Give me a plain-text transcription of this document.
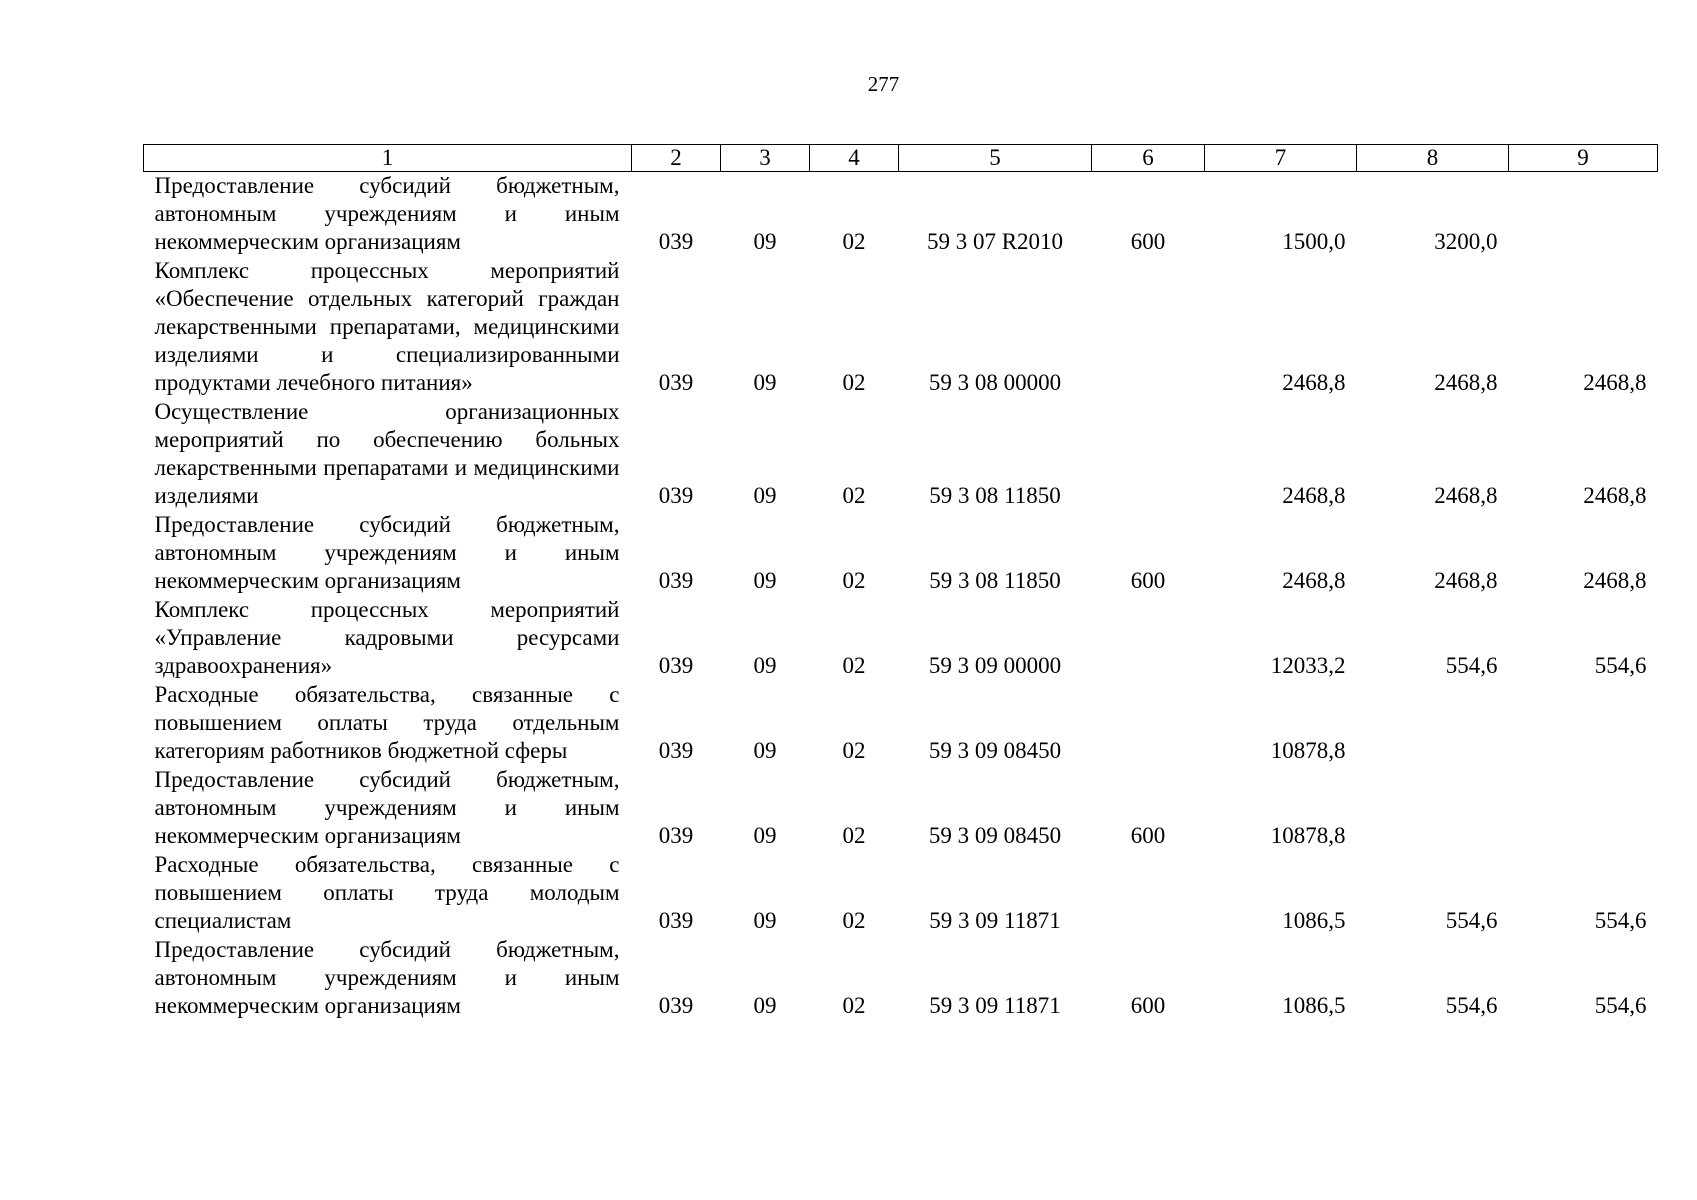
277
1	2	3	4	5	6	7	8	9
Предоставление субсидий бюджетным, автономным учреждениям и иным некоммерческим организациям	039	09	02	59 3 07 R2010	600	1500,0	3200,0	
Комплекс процессных мероприятий «Обеспечение отдельных категорий граждан лекарственными препаратами, медицинскими изделиями и специализированными продуктами лечебного питания»	039	09	02	59 3 08 00000		2468,8	2468,8	2468,8
Осуществление организационных мероприятий по обеспечению больных лекарственными препаратами и медицинскими изделиями	039	09	02	59 3 08 11850		2468,8	2468,8	2468,8
Предоставление субсидий бюджетным, автономным учреждениям и иным некоммерческим организациям	039	09	02	59 3 08 11850	600	2468,8	2468,8	2468,8
Комплекс процессных мероприятий «Управление кадровыми ресурсами здравоохранения»	039	09	02	59 3 09 00000		12033,2	554,6	554,6
Расходные обязательства, связанные с повышением оплаты труда отдельным категориям работников бюджетной сферы	039	09	02	59 3 09 08450		10878,8		
Предоставление субсидий бюджетным, автономным учреждениям и иным некоммерческим организациям	039	09	02	59 3 09 08450	600	10878,8		
Расходные обязательства, связанные с повышением оплаты труда молодым специалистам	039	09	02	59 3 09 11871		1086,5	554,6	554,6
Предоставление субсидий бюджетным, автономным учреждениям и иным некоммерческим организациям	039	09	02	59 3 09 11871	600	1086,5	554,6	554,6
